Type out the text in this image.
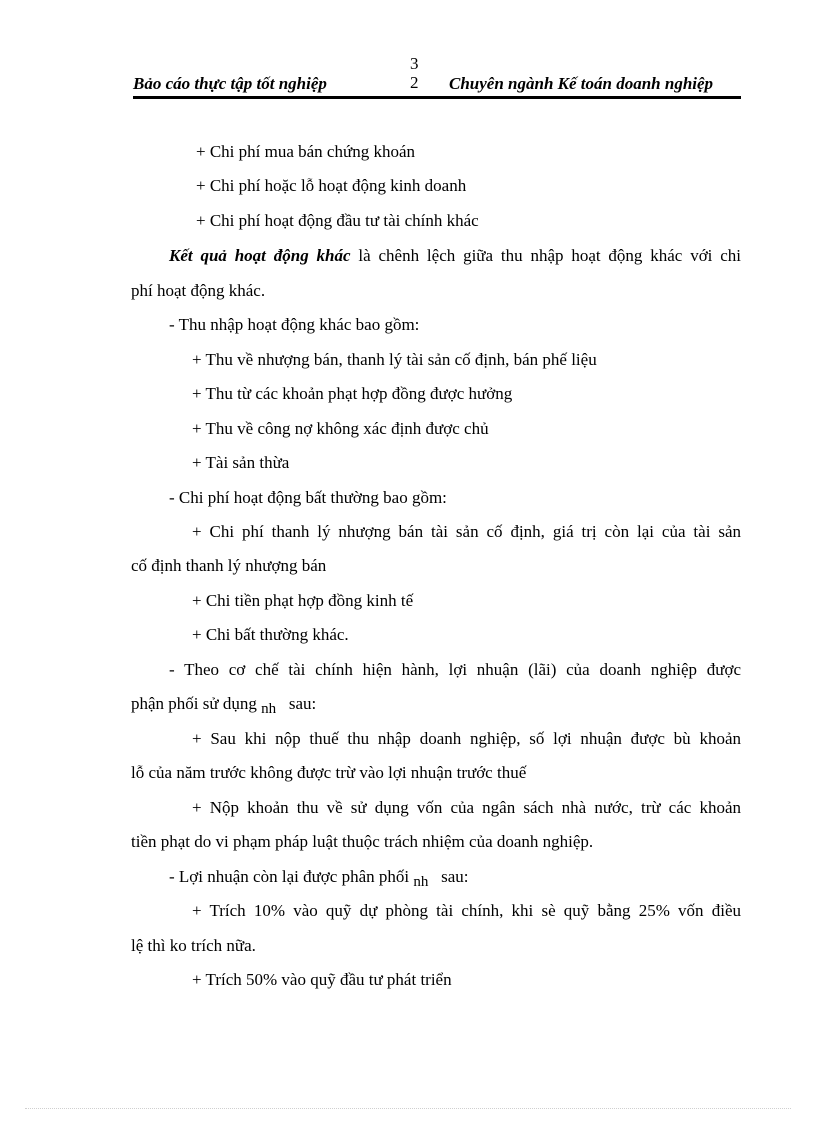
3
2
Bảo cáo thực tập tốt nghiệp	Chuyên ngành Kế toán doanh nghiệp
+ Chi phí mua bán chứng khoán
+ Chi phí hoặc lỗ hoạt động kinh doanh
+ Chi phí hoạt động đầu tư tài chính khác
Kết quả hoạt động khác là chênh lệch giữa thu nhập hoạt động khác với chi
phí hoạt động khác.
- Thu nhập hoạt động khác bao gồm:
+ Thu về nhượng bán, thanh lý tài sản cố định, bán phế liệu
+ Thu từ các khoản phạt hợp đồng được hưởng
+ Thu về công nợ không xác định được chủ
+ Tài sản thừa
- Chi phí hoạt động bất thường bao gồm:
+ Chi phí thanh lý nhượng bán tài sản cố định, giá trị còn lại của tài sản
cố định thanh lý nhượng bán
+ Chi tiền phạt hợp đồng kinh tế
+ Chi bất thường khác.
- Theo cơ chế tài chính hiện hành, lợi nhuận (lãi) của doanh nghiệp được
phận phối sử dụng nh sau:
+ Sau khi nộp thuế thu nhập doanh nghiệp, số lợi nhuận được bù khoản
lỗ của năm trước không được trừ vào lợi nhuận trước thuế
+ Nộp khoản thu về sử dụng vốn của ngân sách nhà nước, trừ các khoản
tiền phạt do vi phạm pháp luật thuộc trách nhiệm của doanh nghiệp.
- Lợi nhuận còn lại được phân phối nh sau:
+ Trích 10% vào quỹ dự phòng tài chính, khi sè quỹ bằng 25% vốn điều
lệ thì ko trích nữa.
+ Trích 50% vào quỹ đầu tư phát triển
